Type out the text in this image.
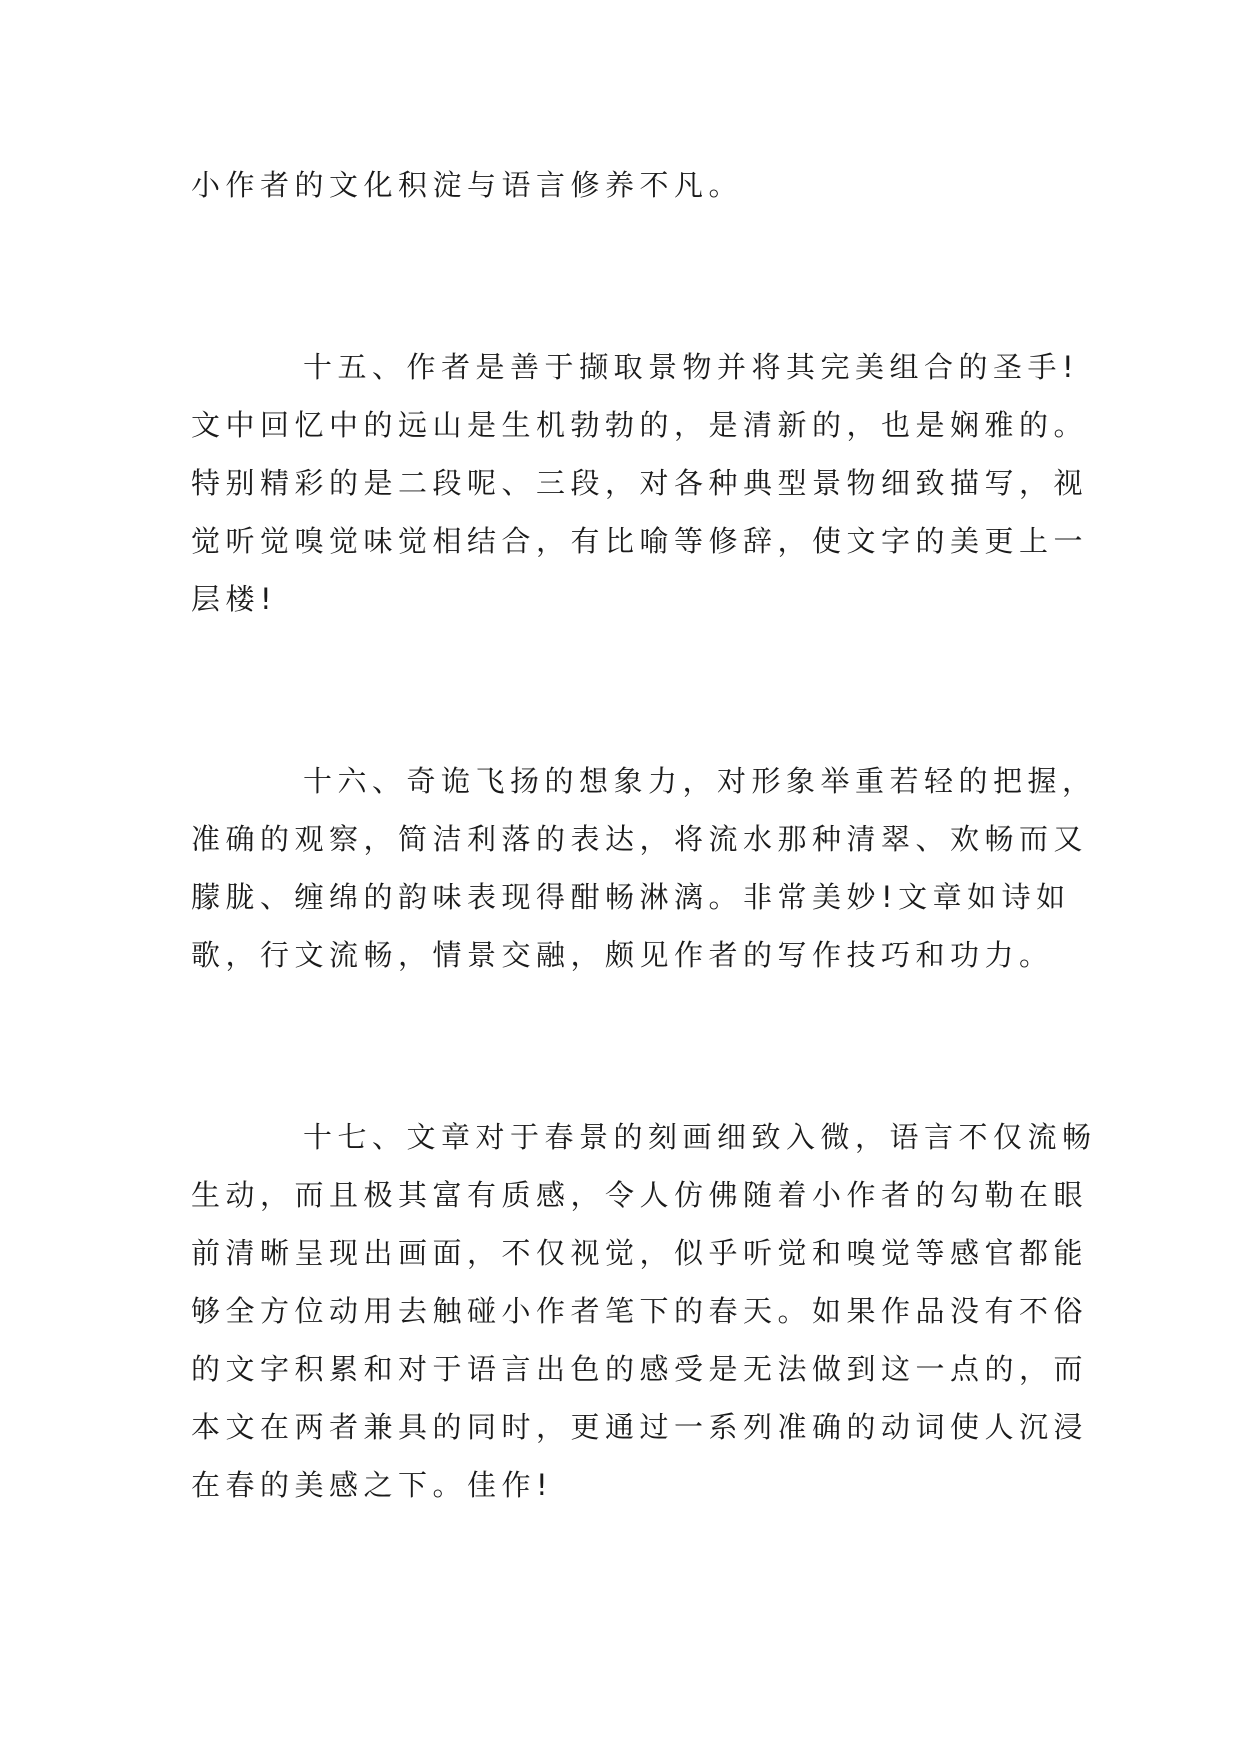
小作者的文化积淀与语言修养不凡。
十五、作者是善于撷取景物并将其完美组合的圣手!
文中回忆中的远山是生机勃勃的，是清新的，也是娴雅的。
特别精彩的是二段呢、三段，对各种典型景物细致描写，视
觉听觉嗅觉味觉相结合，有比喻等修辞，使文字的美更上一
层楼!
十六、奇诡飞扬的想象力，对形象举重若轻的把握，
准确的观察，简洁利落的表达，将流水那种清翠、欢畅而又
朦胧、缠绵的韵味表现得酣畅淋漓。非常美妙!文章如诗如
歌，行文流畅，情景交融，颇见作者的写作技巧和功力。
十七、文章对于春景的刻画细致入微，语言不仅流畅
生动，而且极其富有质感，令人仿佛随着小作者的勾勒在眼
前清晰呈现出画面，不仅视觉，似乎听觉和嗅觉等感官都能
够全方位动用去触碰小作者笔下的春天。如果作品没有不俗
的文字积累和对于语言出色的感受是无法做到这一点的，而
本文在两者兼具的同时，更通过一系列准确的动词使人沉浸
在春的美感之下。佳作!
